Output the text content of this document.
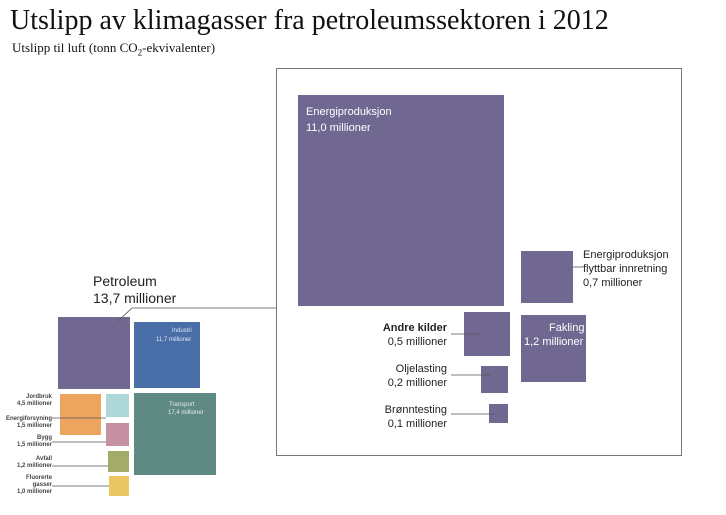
Utslipp av klimagasser fra petroleumssektoren i 2012
Utslipp til luft (tonn $CO_2-ekvivalenter$)
Petroleum
13,7 millioner
Industri
11,7 millioner
Transport
17,4 millioner
Jordbruk
4,5 millioner
Energiforsyning
1,5 millioner
Bygg
1,5 millioner
Avfall
1,2 millioner
Fluorerte
gasser
1,0 millioner
Energiproduksjon
11,0 millioner
Energiproduksjon
flyttbar innretning
0,7 millioner
Fakling
1,2 millioner
Andre kilder
0,5 millioner
Oljelasting
0,2 millioner
Brønntesting
0,1 millioner
